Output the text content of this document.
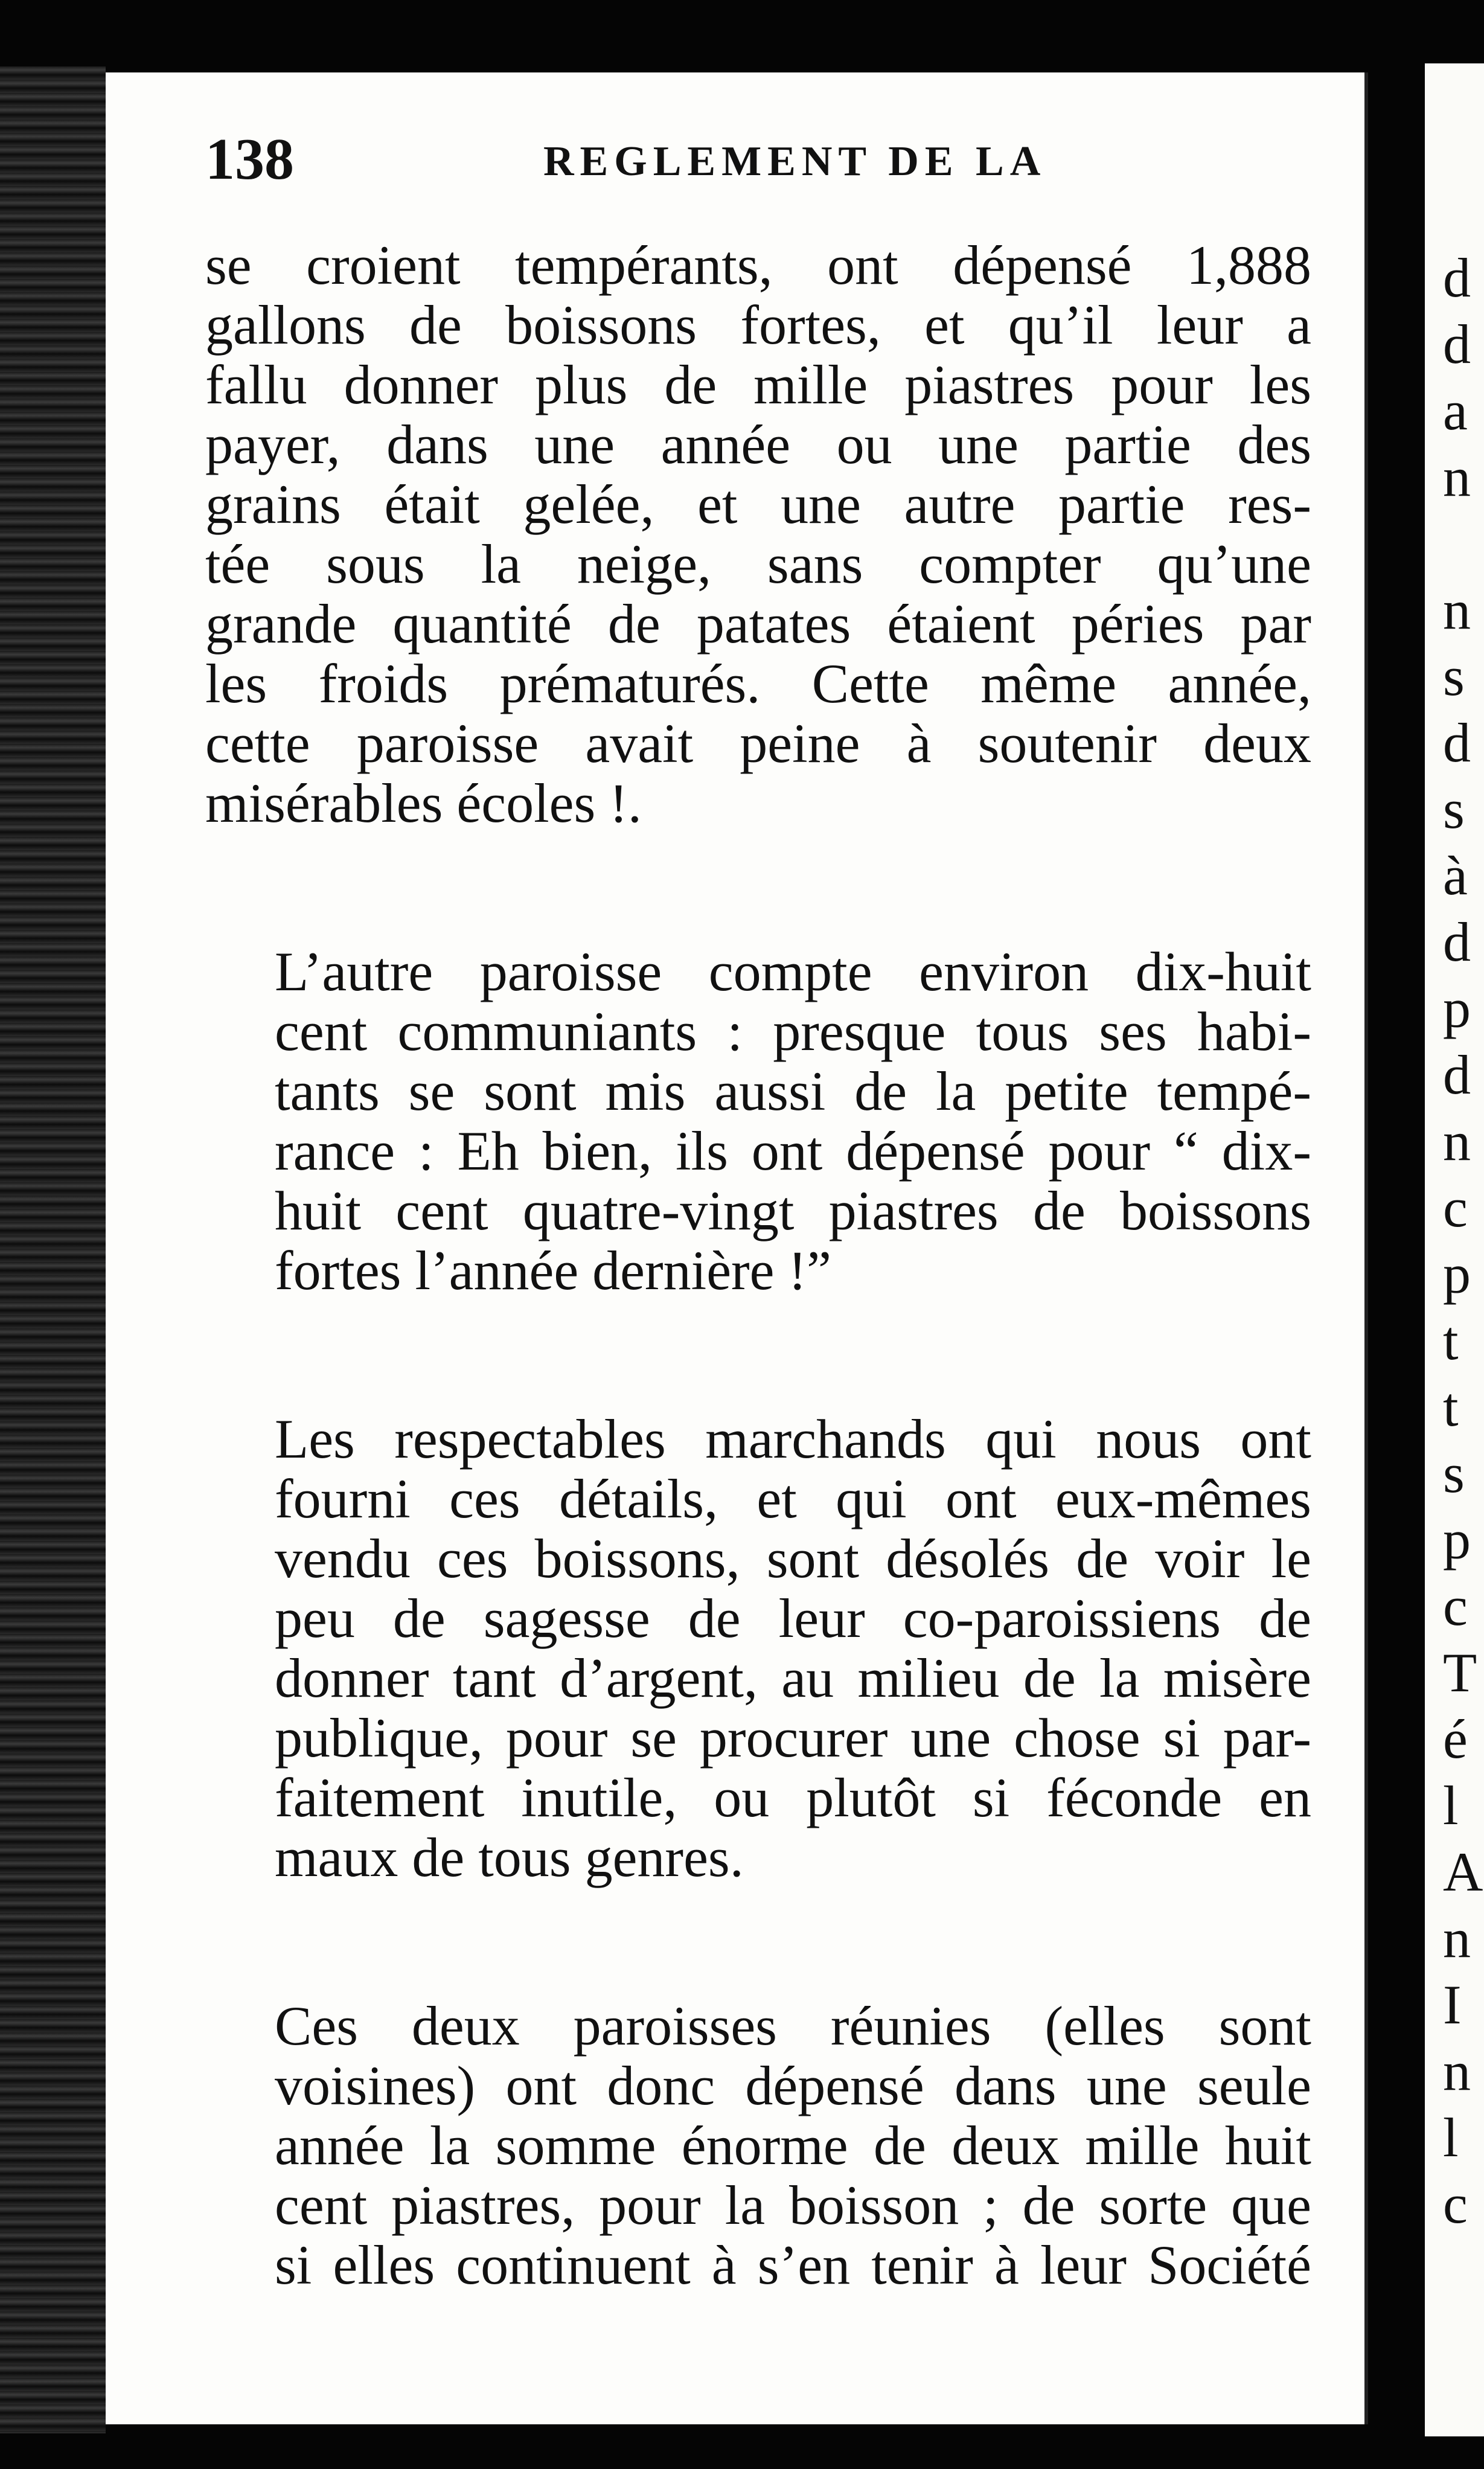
138	REGLEMENT DE LA
se croient tempérants, ont dépensé 1,888
gallons de boissons fortes, et qu’il leur a
fallu donner plus de mille piastres pour les
payer, dans une année ou une partie des
grains était gelée, et une autre partie res-
tée sous la neige, sans compter qu’une
grande quantité de patates étaient péries par
les froids prématurés. Cette même année,
cette paroisse avait peine à soutenir deux
misérables écoles !.
L’autre paroisse compte environ dix-huit
cent communiants : presque tous ses habi-
tants se sont mis aussi de la petite tempé-
rance : Eh bien, ils ont dépensé pour “ dix-
huit cent quatre-vingt piastres de boissons
fortes l’année dernière !”
Les respectables marchands qui nous ont
fourni ces détails, et qui ont eux-mêmes
vendu ces boissons, sont désolés de voir le
peu de sagesse de leur co-paroissiens de
donner tant d’argent, au milieu de la misère
publique, pour se procurer une chose si par-
faitement inutile, ou plutôt si féconde en
maux de tous genres.
Ces deux paroisses réunies (elles sont
voisines) ont donc dépensé dans une seule
année la somme énorme de deux mille huit
cent piastres, pour la boisson ; de sorte que
si elles continuent à s’en tenir à leur Société
d
d
a
n

n
s
d
s
à
d
p
d
n
c
p
t
t
s
p
c
T
é
l
A
n
I
n
l
c
